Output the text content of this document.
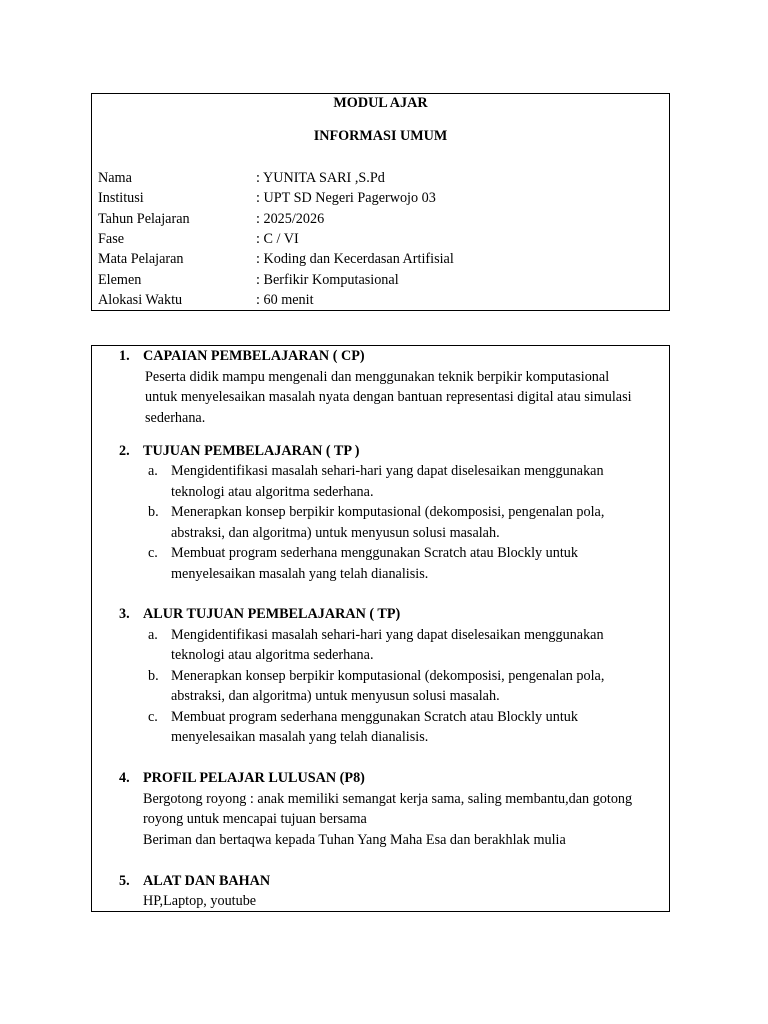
MODUL AJAR
INFORMASI UMUM
Nama	: YUNITA SARI ,S.Pd
Institusi	: UPT SD Negeri Pagerwojo 03
Tahun Pelajaran	: 2025/2026
Fase	: C / VI
Mata Pelajaran	: Koding dan Kecerdasan Artifisial
Elemen	: Berfikir Komputasional
Alokasi Waktu	: 60 menit
1. CAPAIAN PEMBELAJARAN ( CP)
Peserta didik mampu mengenali dan menggunakan teknik berpikir komputasional
untuk menyelesaikan masalah nyata dengan bantuan representasi digital atau simulasi
sederhana.
2. TUJUAN PEMBELAJARAN ( TP )
a. Mengidentifikasi masalah sehari-hari yang dapat diselesaikan menggunakan
teknologi atau algoritma sederhana.
b. Menerapkan konsep berpikir komputasional (dekomposisi, pengenalan pola,
abstraksi, dan algoritma) untuk menyusun solusi masalah.
c. Membuat program sederhana menggunakan Scratch atau Blockly untuk
menyelesaikan masalah yang telah dianalisis.
3. ALUR TUJUAN PEMBELAJARAN ( TP)
a. Mengidentifikasi masalah sehari-hari yang dapat diselesaikan menggunakan
teknologi atau algoritma sederhana.
b. Menerapkan konsep berpikir komputasional (dekomposisi, pengenalan pola,
abstraksi, dan algoritma) untuk menyusun solusi masalah.
c. Membuat program sederhana menggunakan Scratch atau Blockly untuk
menyelesaikan masalah yang telah dianalisis.
4. PROFIL PELAJAR LULUSAN (P8)
Bergotong royong : anak memiliki semangat kerja sama, saling membantu,dan gotong
royong untuk mencapai tujuan bersama
Beriman dan bertaqwa kepada Tuhan Yang Maha Esa dan berakhlak mulia
5. ALAT DAN BAHAN
HP,Laptop, youtube
